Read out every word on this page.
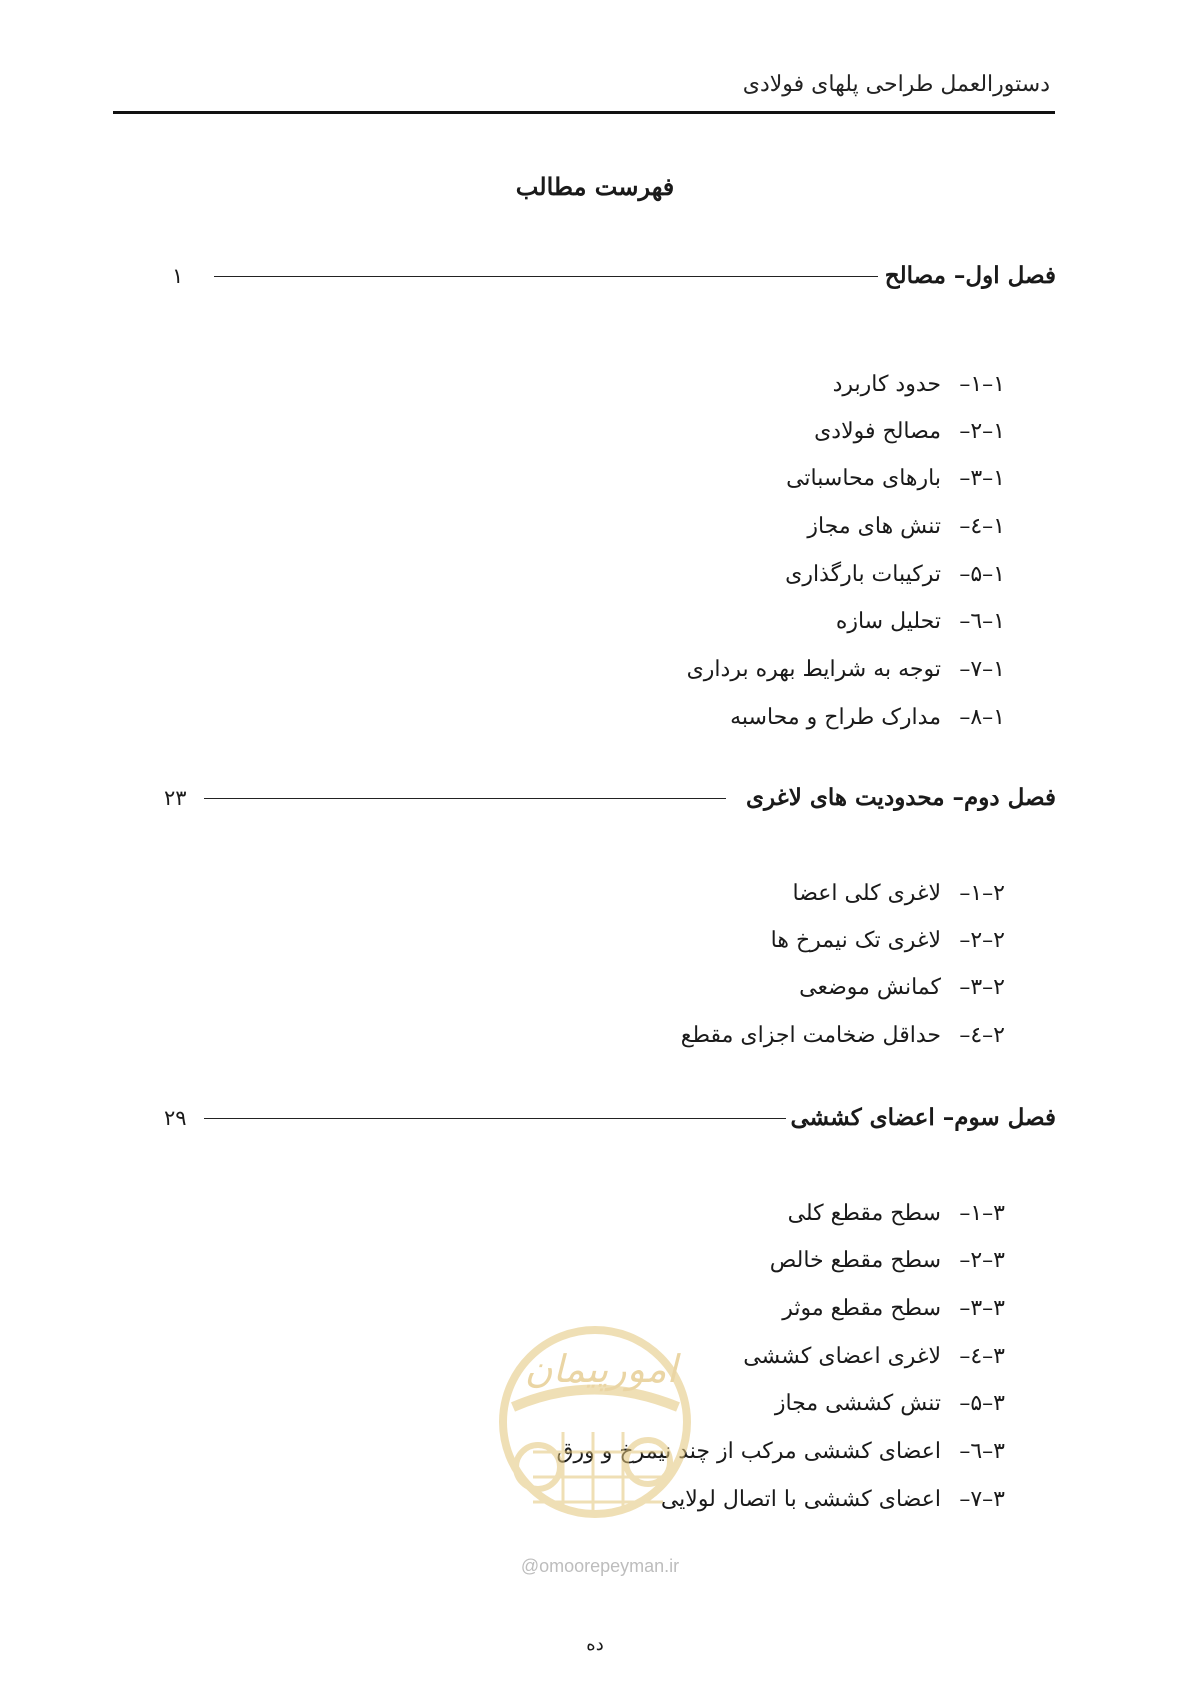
دستورالعمل طراحی پلهای فولادی
فهرست مطالب
فصل اول– مصالح
۱
۱–۱–حدود کاربرد
۱–۲–مصالح فولادی
۱–۳–بارهای محاسباتی
۱–٤–تنش های مجاز
۱–۵–ترکیبات بارگذاری
۱–٦–تحلیل سازه
۱–۷–توجه به شرایط بهره برداری
۱–۸–مدارک طراح و محاسبه
فصل دوم– محدودیت های لاغری
۲۳
۲–۱–لاغری کلی اعضا
۲–۲–لاغری تک نیمرخ ها
۲–۳–کمانش موضعی
۲–٤–حداقل ضخامت اجزای مقطع
فصل سوم– اعضای کششی
۲۹
۳–۱–سطح مقطع کلی
۳–۲–سطح مقطع خالص
۳–۳–سطح مقطع موثر
۳–٤–لاغری اعضای کششی
۳–۵–تنش کششی مجاز
۳–٦–اعضای کششی مرکب از چند نیمرخ و ورق
۳–۷–اعضای کششی با اتصال لولایی
امورپیمان
@omoorepeyman.ir
ده
